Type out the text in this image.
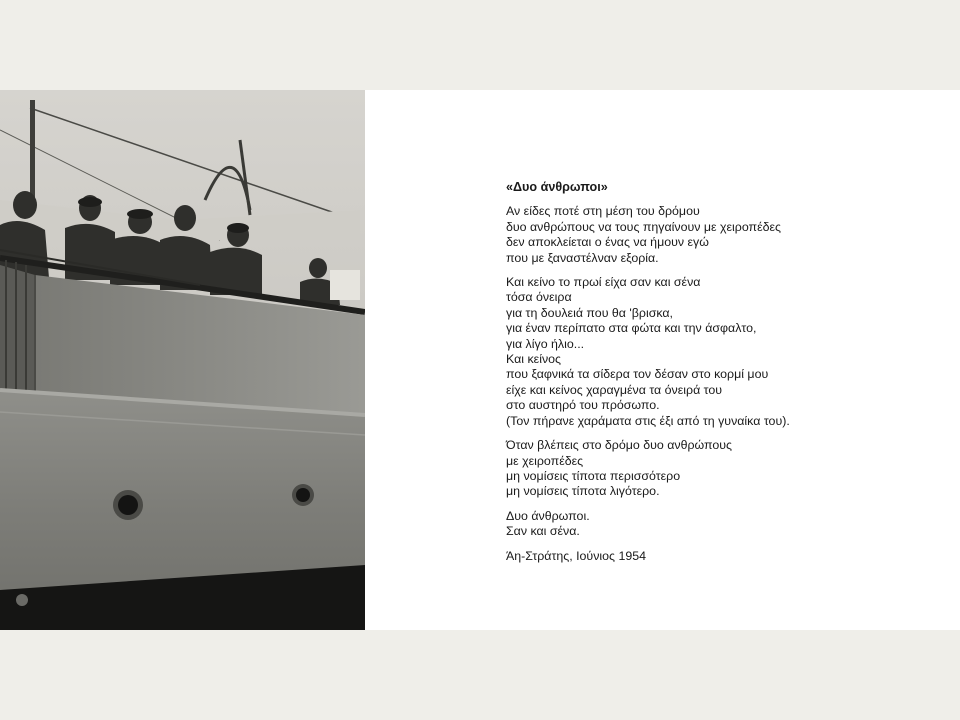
«Δυο άνθρωποι»
Αν είδες ποτέ στη μέση του δρόμου
δυο ανθρώπους να τους πηγαίνουν με χειροπέδες
δεν αποκλείεται ο ένας να ήμουν εγώ
που με ξαναστέλναν εξορία.
Και κείνο το πρωί είχα σαν και σένα
τόσα όνειρα
για τη δουλειά που θα 'βρισκα,
για έναν περίπατο στα φώτα και την άσφαλτο,
για λίγο ήλιο...
Και κείνος
που ξαφνικά τα σίδερα τον δέσαν στο κορμί μου
είχε και κείνος χαραγμένα τα όνειρά του
στο αυστηρό του πρόσωπο.
(Τον πήρανε χαράματα στις έξι από τη γυναίκα του).
Όταν βλέπεις στο δρόμο δυο ανθρώπους
με χειροπέδες
μη νομίσεις τίποτα περισσότερο
μη νομίσεις τίποτα λιγότερο.
Δυο άνθρωποι.
Σαν και σένα.
Άη-Στράτης, Ιούνιος 1954
